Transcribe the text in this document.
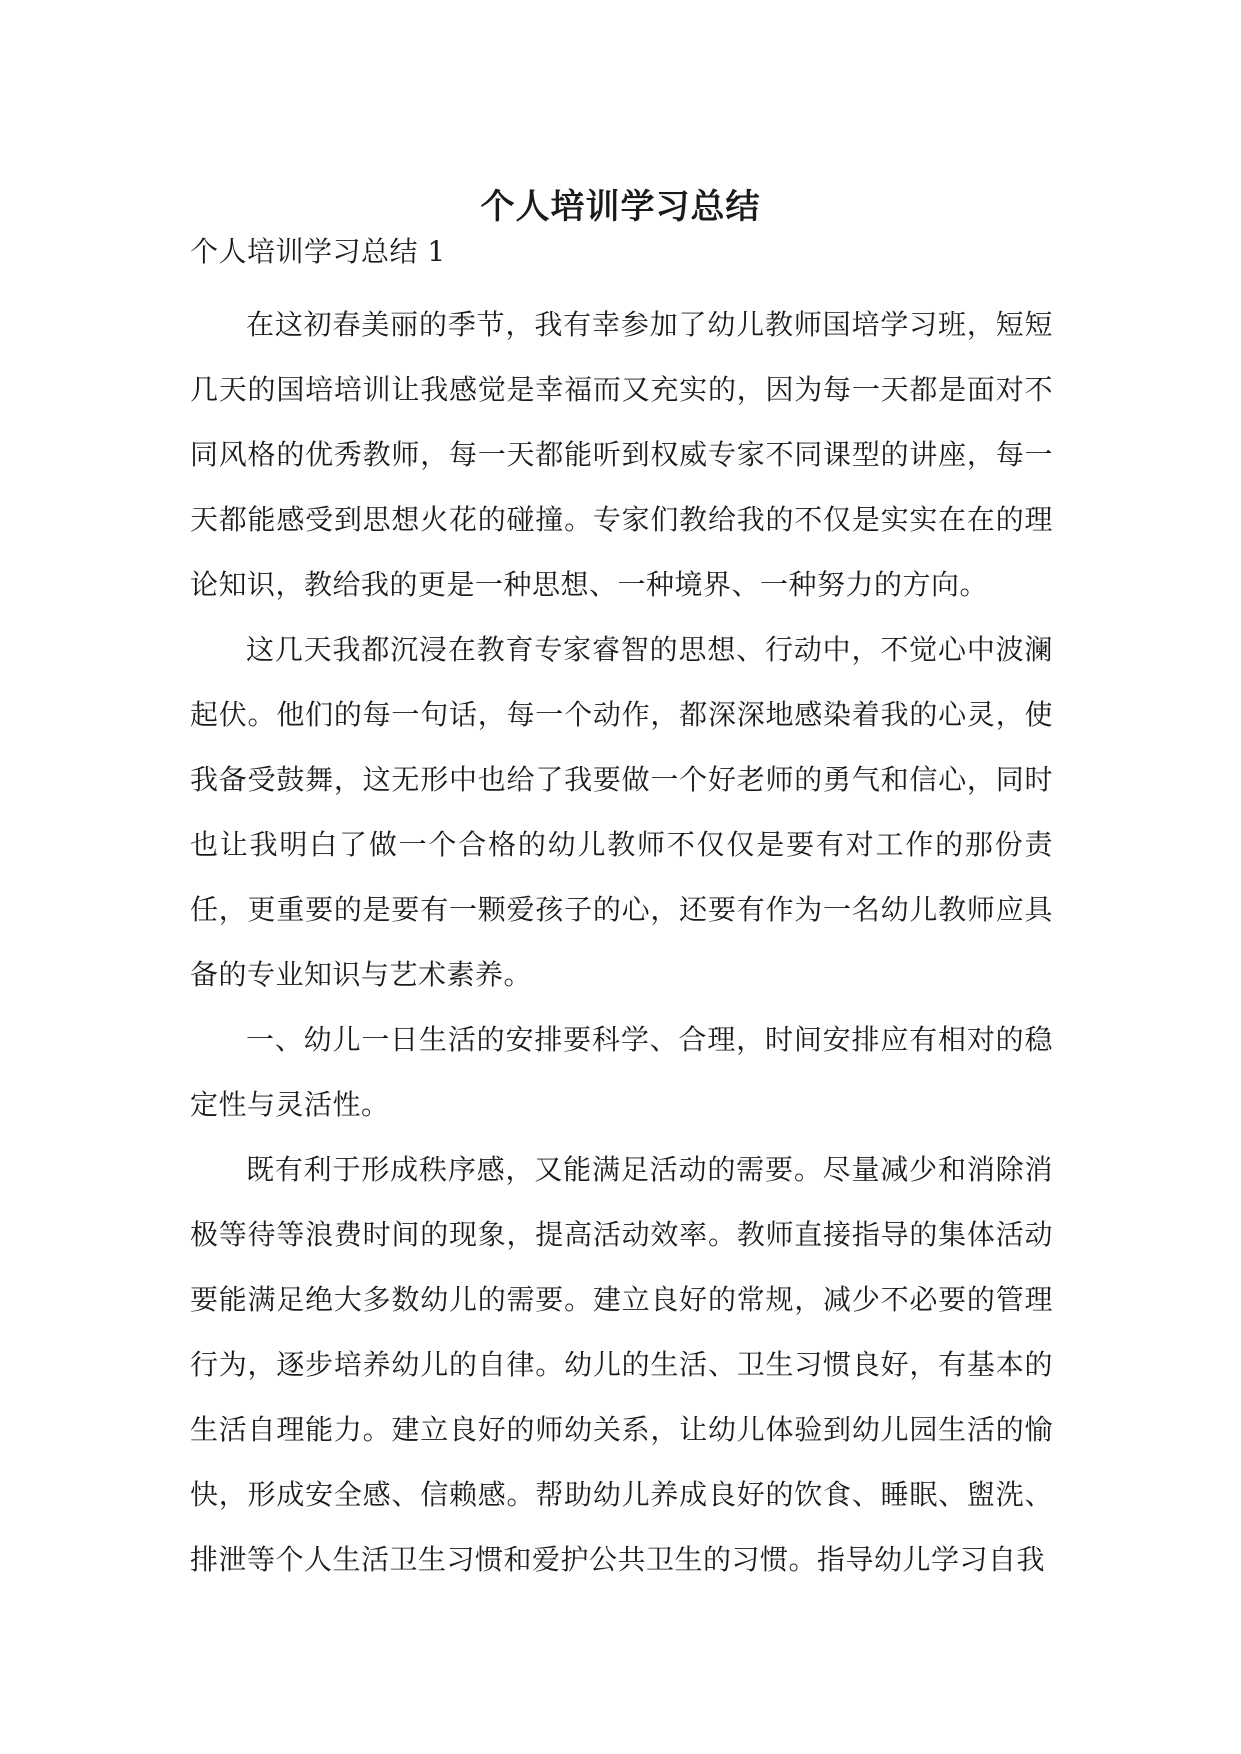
个人培训学习总结

个人培训学习总结 1

在这初春美丽的季节，我有幸参加了幼儿教师国培学习班，短短几天的国培培训让我感觉是幸福而又充实的，因为每一天都是面对不同风格的优秀教师，每一天都能听到权威专家不同课型的讲座，每一天都能感受到思想火花的碰撞。专家们教给我的不仅是实实在在的理论知识，教给我的更是一种思想、一种境界、一种努力的方向。

这几天我都沉浸在教育专家睿智的思想、行动中，不觉心中波澜起伏。他们的每一句话，每一个动作，都深深地感染着我的心灵，使我备受鼓舞，这无形中也给了我要做一个好老师的勇气和信心，同时也让我明白了做一个合格的幼儿教师不仅仅是要有对工作的那份责任，更重要的是要有一颗爱孩子的心，还要有作为一名幼儿教师应具备的专业知识与艺术素养。

一、幼儿一日生活的安排要科学、合理，时间安排应有相对的稳定性与灵活性。

既有利于形成秩序感，又能满足活动的需要。尽量减少和消除消极等待等浪费时间的现象，提高活动效率。教师直接指导的集体活动要能满足绝大多数幼儿的需要。建立良好的常规，减少不必要的管理行为，逐步培养幼儿的自律。幼儿的生活、卫生习惯良好，有基本的生活自理能力。建立良好的师幼关系，让幼儿体验到幼儿园生活的愉快，形成安全感、信赖感。帮助幼儿养成良好的饮食、睡眠、盥洗、排泄等个人生活卫生习惯和爱护公共卫生的习惯。指导幼儿学习自我
